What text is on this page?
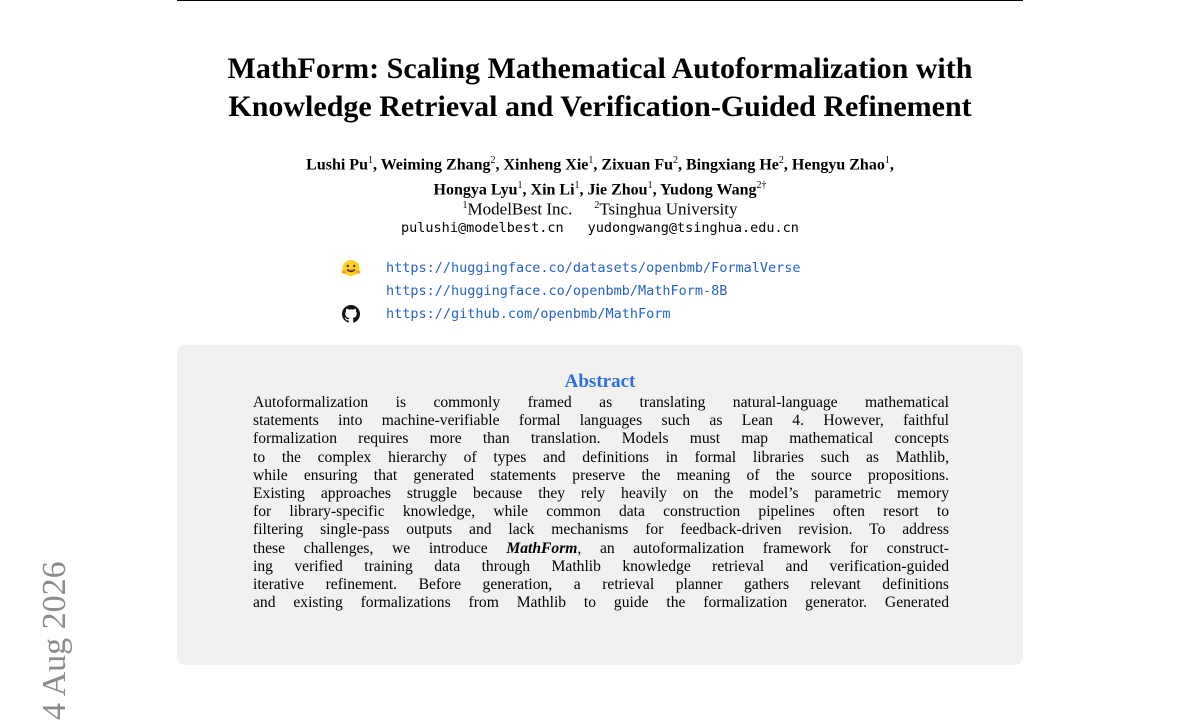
MathForm: Scaling Mathematical Autoformalization with
Knowledge Retrieval and Verification-Guided Refinement
Lushi Pu$^1$, Weiming Zhang$^2$, Xinheng Xie$^1$, Zixuan Fu$^2$, Bingxiang He$^2$, Hengyu Zhao$^1$,
Hongya Lyu$^1$, Xin Li$^1$, Jie Zhou$^1$, Yudong Wang$^{2\dagger}$
$^1$ModelBest Inc. $^2$Tsinghua University
pulushi@modelbest.cn yudongwang@tsinghua.edu.cn
https://huggingface.co/datasets/openbmb/FormalVerse
https://huggingface.co/openbmb/MathForm-8B
https://github.com/openbmb/MathForm
Abstract
Autoformalization is commonly framed as translating natural-language mathematical
statements into machine-verifiable formal languages such as Lean 4. However, faithful
formalization requires more than translation. Models must map mathematical concepts
to the complex hierarchy of types and definitions in formal libraries such as Mathlib,
while ensuring that generated statements preserve the meaning of the source propositions.
Existing approaches struggle because they rely heavily on the model’s parametric memory
for library-specific knowledge, while common data construction pipelines often resort to
filtering single-pass outputs and lack mechanisms for feedback-driven revision. To address
these challenges, we introduce MathForm, an autoformalization framework for construct-
ing verified training data through Mathlib knowledge retrieval and verification-guided
iterative refinement. Before generation, a retrieval planner gathers relevant definitions
and existing formalizations from Mathlib to guide the formalization generator. Generated
4 Aug 2026
